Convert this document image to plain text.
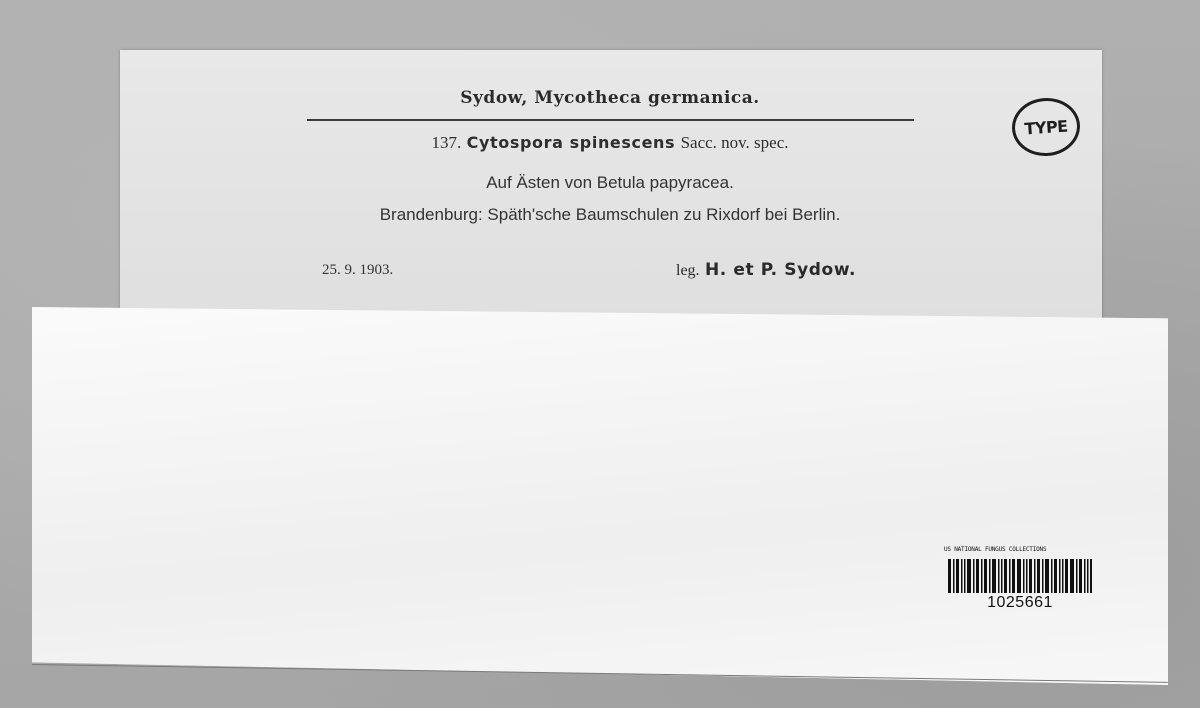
Sydow, Mycotheca germanica.
137. Cytospora spinescens Sacc. nov. spec.
Auf Ästen von Betula papyracea.
Brandenburg: Späth'sche Baumschulen zu Rixdorf bei Berlin.
25. 9. 1903.	leg. H. et P. Sydow.
TYPE
US NATIONAL FUNGUS COLLECTIONS
1025661
